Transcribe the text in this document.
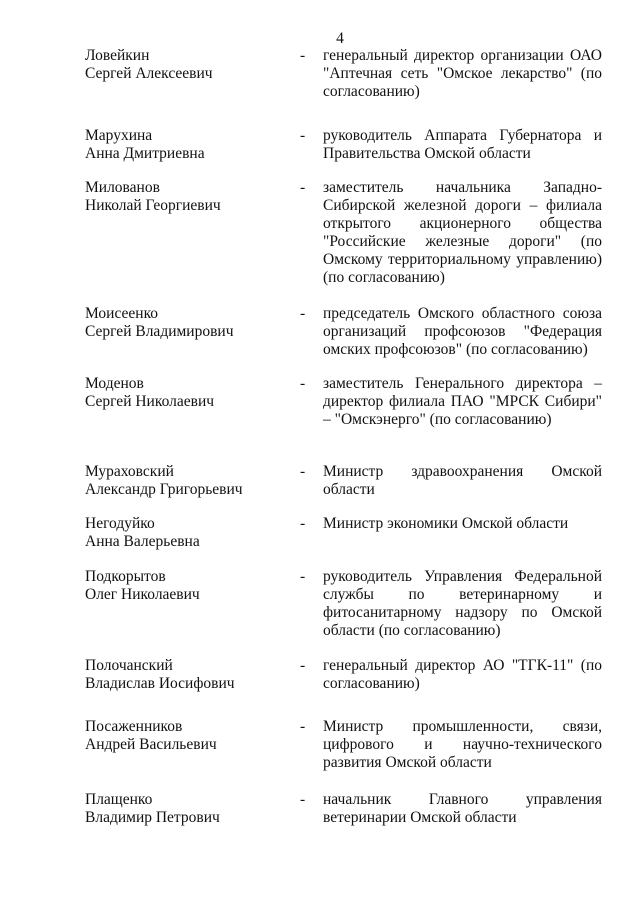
4
Ловейкин
Сергей Алексеевич
-	генеральный директор организации ОАО "Аптечная сеть "Омское лекарство" (по согласованию)
Марухина
Анна Дмитриевна
-	руководитель Аппарата Губернатора и Правительства Омской области
Милованов
Николай Георгиевич
-	заместитель начальника Западно-Сибирской железной дороги – филиала открытого акционерного общества "Российские железные дороги" (по Омскому территориальному управлению) (по согласованию)
Моисеенко
Сергей Владимирович
-	председатель Омского областного союза организаций профсоюзов "Федерация омских профсоюзов" (по согласованию)
Моденов
Сергей Николаевич
-	заместитель Генерального директора – директор филиала ПАО "МРСК Сибири" – "Омскэнерго" (по согласованию)
Мураховский
Александр Григорьевич
-	Министр здравоохранения Омской области
Негодуйко
Анна Валерьевна
-	Министр экономики Омской области
Подкорытов
Олег Николаевич
-	руководитель Управления Федеральной службы по ветеринарному и фитосанитарному надзору по Омской области (по согласованию)
Полочанский
Владислав Иосифович
-	генеральный директор АО "ТГК-11" (по согласованию)
Посаженников
Андрей Васильевич
-	Министр промышленности, связи, цифрового и научно-технического развития Омской области
Плащенко
Владимир Петрович
-	начальник Главного управления ветеринарии Омской области
